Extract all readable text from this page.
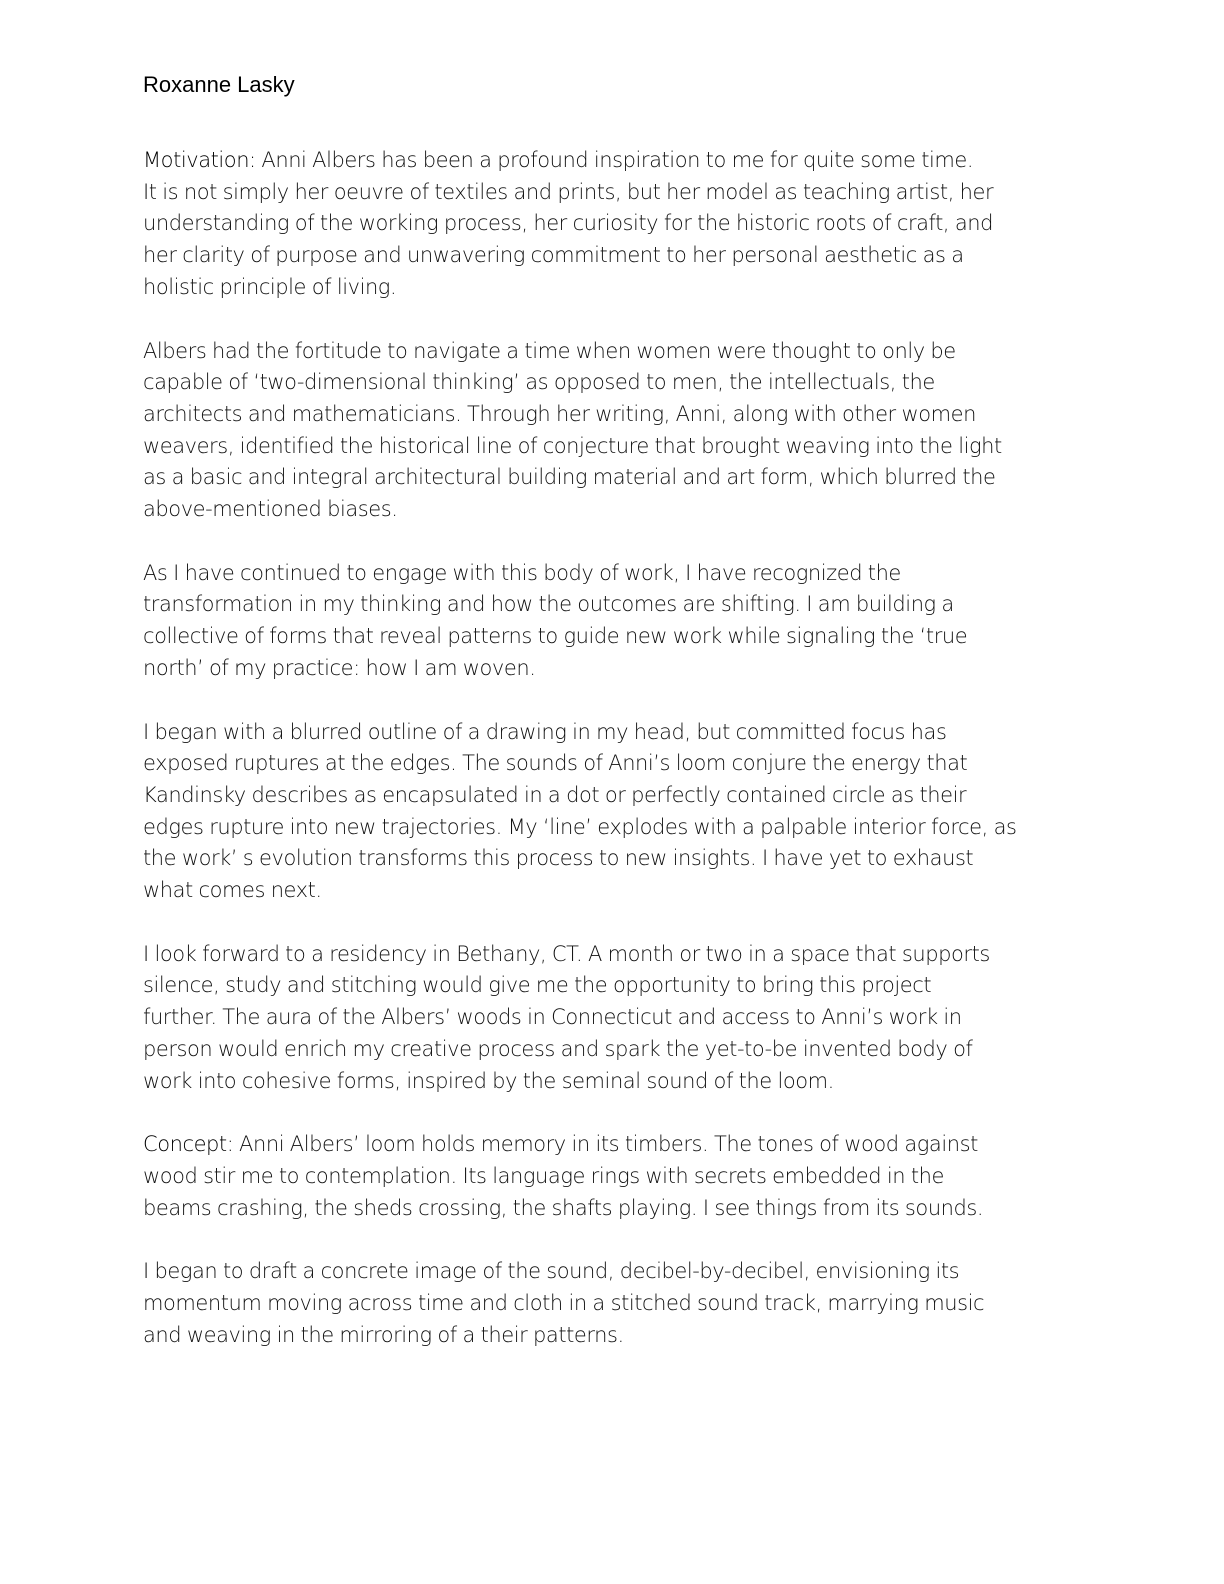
Roxanne Lasky

Motivation: Anni Albers has been a profound inspiration to me for quite some time.
It is not simply her oeuvre of textiles and prints, but her model as teaching artist, her
understanding of the working process, her curiosity for the historic roots of craft, and
her clarity of purpose and unwavering commitment to her personal aesthetic as a
holistic principle of living.

Albers had the fortitude to navigate a time when women were thought to only be
capable of ‘two-dimensional thinking’ as opposed to men, the intellectuals, the
architects and mathematicians. Through her writing, Anni, along with other women
weavers, identified the historical line of conjecture that brought weaving into the light
as a basic and integral architectural building material and art form, which blurred the
above-mentioned biases.

As I have continued to engage with this body of work, I have recognized the
transformation in my thinking and how the outcomes are shifting. I am building a
collective of forms that reveal patterns to guide new work while signaling the ‘true
north’ of my practice: how I am woven.

I began with a blurred outline of a drawing in my head, but committed focus has
exposed ruptures at the edges. The sounds of Anni’s loom conjure the energy that
Kandinsky describes as encapsulated in a dot or perfectly contained circle as their
edges rupture into new trajectories. My ‘line’ explodes with a palpable interior force, as
the work’ s evolution transforms this process to new insights. I have yet to exhaust
what comes next.

I look forward to a residency in Bethany, CT. A month or two in a space that supports
silence, study and stitching would give me the opportunity to bring this project
further. The aura of the Albers’ woods in Connecticut and access to Anni’s work in
person would enrich my creative process and spark the yet-to-be invented body of
work into cohesive forms, inspired by the seminal sound of the loom.

Concept: Anni Albers’ loom holds memory in its timbers. The tones of wood against
wood stir me to contemplation. Its language rings with secrets embedded in the
beams crashing, the sheds crossing, the shafts playing. I see things from its sounds.

I began to draft a concrete image of the sound, decibel-by-decibel, envisioning its
momentum moving across time and cloth in a stitched sound track, marrying music
and weaving in the mirroring of a their patterns.
